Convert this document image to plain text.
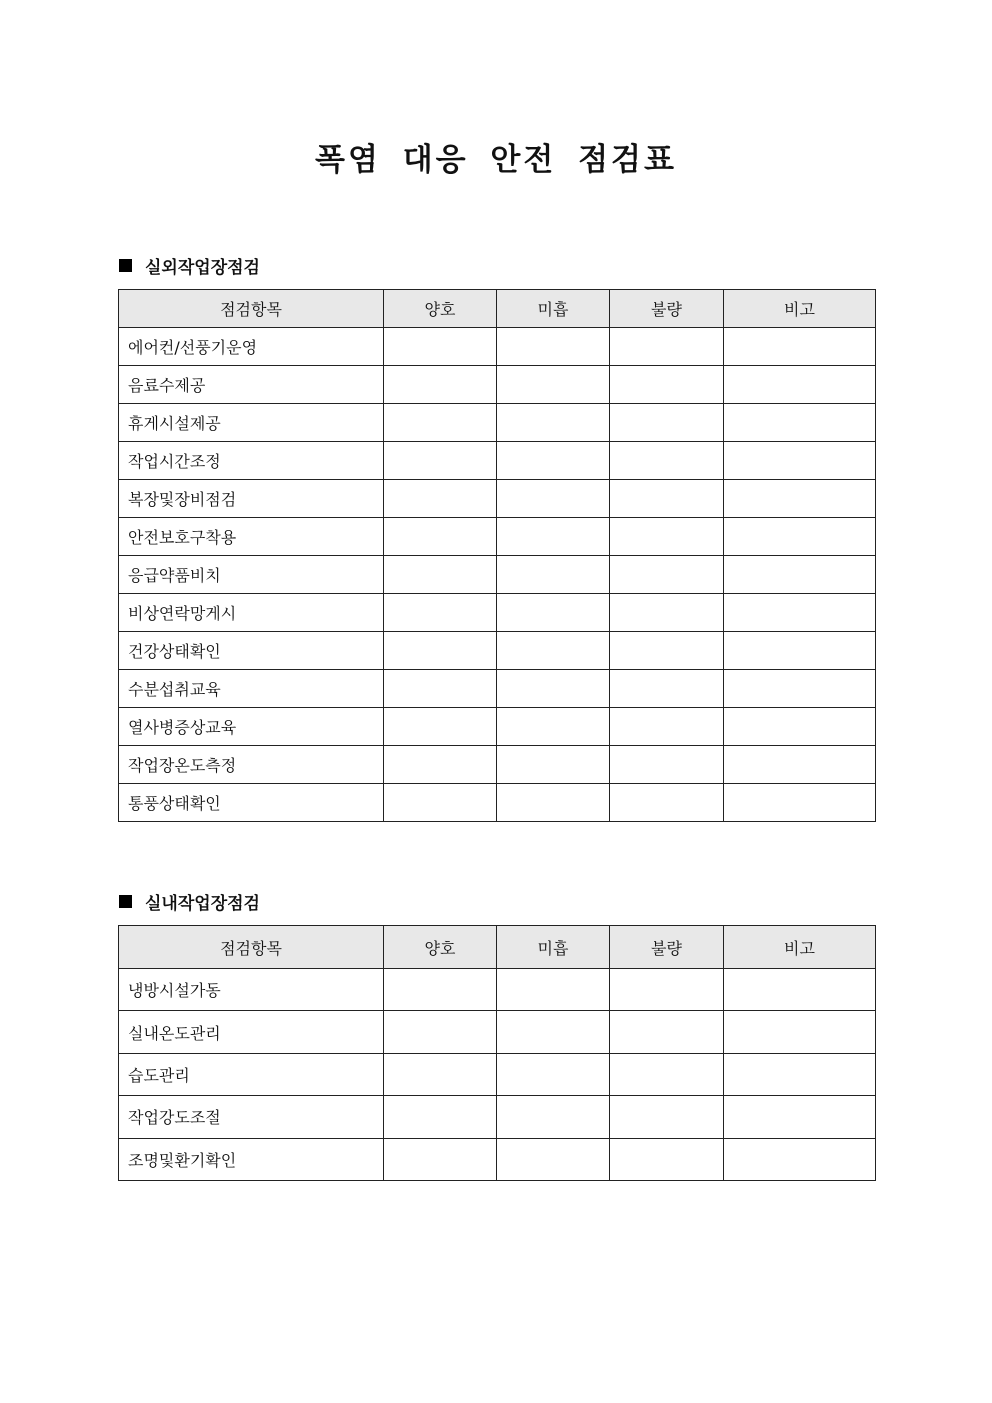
폭염 대응 안전 점검표
실외작업장점검
점검항목	양호	미흡	불량	비고
에어컨/선풍기운영				
음료수제공				
휴게시설제공				
작업시간조정				
복장및장비점검				
안전보호구착용				
응급약품비치				
비상연락망게시				
건강상태확인				
수분섭취교육				
열사병증상교육				
작업장온도측정				
통풍상태확인				
실내작업장점검
점검항목	양호	미흡	불량	비고
냉방시설가동				
실내온도관리				
습도관리				
작업강도조절				
조명및환기확인				
